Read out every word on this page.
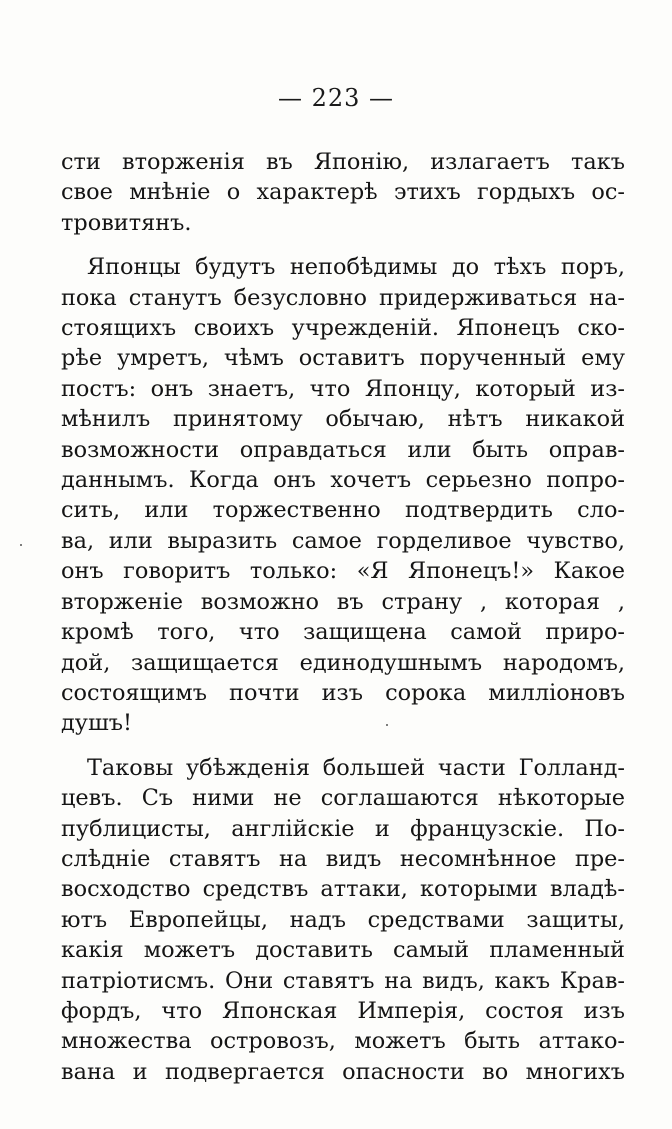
— 223 —
сти вторженія въ Японію, излагаетъ такъ
свое мнѣніе о характерѣ этихъ гордыхъ ос-
тровитянъ.
Японцы будутъ непобѣдимы до тѣхъ поръ,
пока станутъ безусловно придерживаться на-
стоящихъ своихъ учрежденій. Японецъ ско-
рѣе умретъ, чѣмъ оставитъ порученный ему
постъ: онъ знаетъ, что Японцу, который из-
мѣнилъ принятому обычаю, нѣтъ никакой
возможности оправдаться или быть оправ-
даннымъ. Когда онъ хочетъ серьезно попро-
сить, или торжественно подтвердить сло-
ва, или выразить самое горделивое чувство,
онъ говоритъ только: «Я Японецъ!» Какое
вторженіе возможно въ страну , которая ,
кромѣ того, что защищена самой приро-
дой, защищается единодушнымъ народомъ,
состоящимъ почти изъ сорока милліоновъ
душъ!
Таковы убѣжденія большей части Голланд-
цевъ. Съ ними не соглашаются нѣкоторые
публицисты, англійскіе и французскіе. По-
слѣдніе ставятъ на видъ несомнѣнное пре-
восходство средствъ аттаки, которыми владѣ-
ютъ Европейцы, надъ средствами защиты,
какія можетъ доставить самый пламенный
патріотисмъ. Они ставятъ на видъ, какъ Крав-
фордъ, что Японская Имперія, состоя изъ
множества островозъ, можетъ быть аттако-
вана и подвергается опасности во многихъ
